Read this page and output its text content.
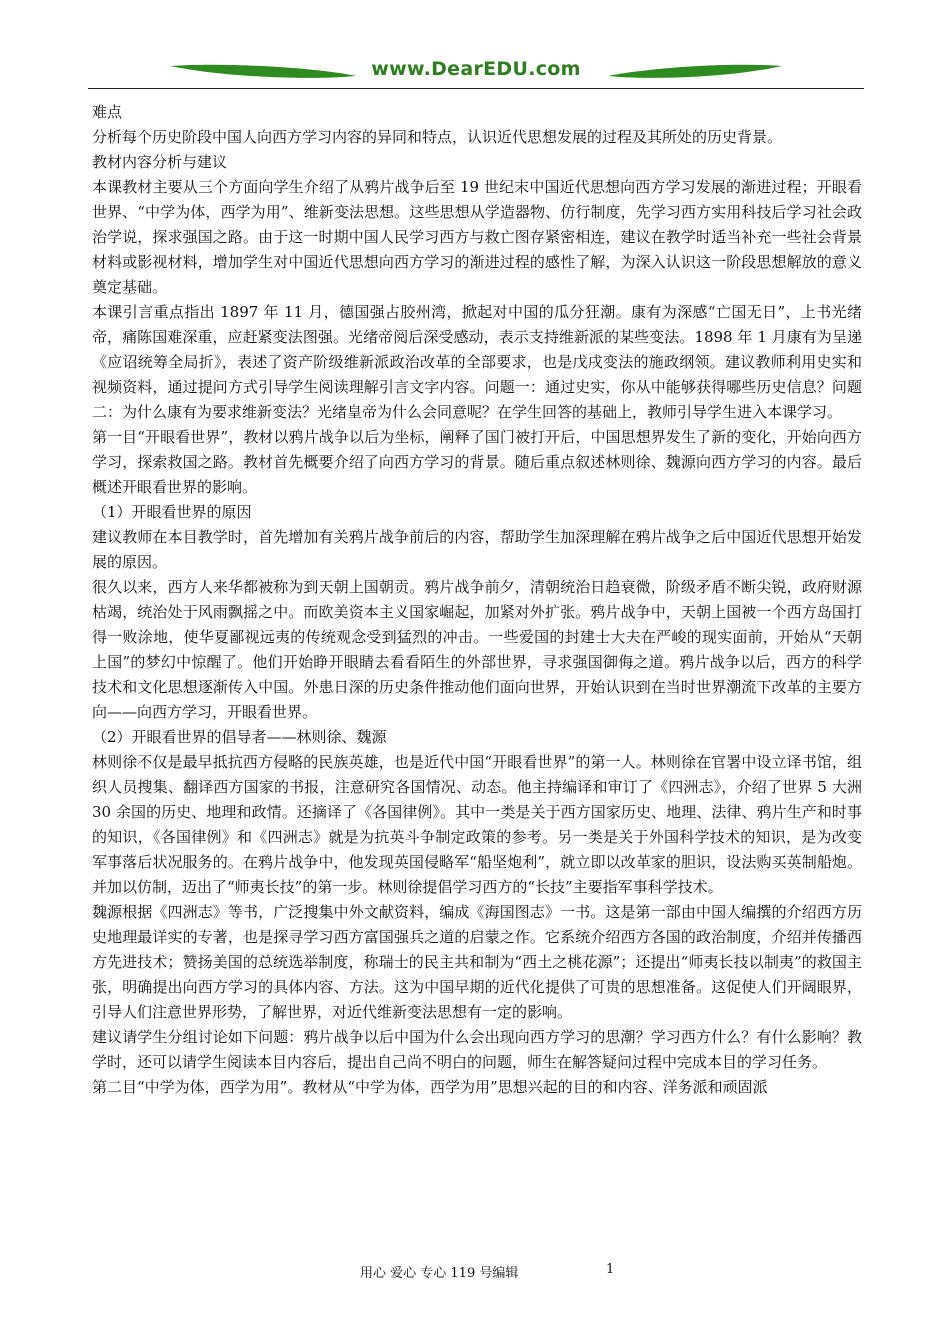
www.DearEDU.com

难点

分析每个历史阶段中国人向西方学习内容的异同和特点，认识近代思想发展的过程及其所处的历史背景。

教材内容分析与建议

本课教材主要从三个方面向学生介绍了从鸦片战争后至 19 世纪末中国近代思想向西方学习发展的渐进过程；开眼看世界、“中学为体，西学为用”、维新变法思想。这些思想从学造器物、仿行制度，先学习西方实用科技后学习社会政治学说，探求强国之路。由于这一时期中国人民学习西方与救亡图存紧密相连，建议在教学时适当补充一些社会背景材料或影视材料，增加学生对中国近代思想向西方学习的渐进过程的感性了解，为深入认识这一阶段思想解放的意义奠定基础。

本课引言重点指出 1897 年 11 月，德国强占胶州湾，掀起对中国的瓜分狂潮。康有为深感“亡国无日”，上书光绪帝，痛陈国难深重，应赶紧变法图强。光绪帝阅后深受感动，表示支持维新派的某些变法。1898 年 1 月康有为呈递《应诏统筹全局折》，表述了资产阶级维新派政治改革的全部要求，也是戊戌变法的施政纲领。建议教师利用史实和视频资料，通过提问方式引导学生阅读理解引言文字内容。问题一：通过史实，你从中能够获得哪些历史信息？问题二：为什么康有为要求维新变法？光绪皇帝为什么会同意呢？在学生回答的基础上，教师引导学生进入本课学习。

第一目“开眼看世界”，教材以鸦片战争以后为坐标，阐释了国门被打开后，中国思想界发生了新的变化，开始向西方学习，探索救国之路。教材首先概要介绍了向西方学习的背景。随后重点叙述林则徐、魏源向西方学习的内容。最后概述开眼看世界的影响。

（1）开眼看世界的原因

建议教师在本目教学时，首先增加有关鸦片战争前后的内容，帮助学生加深理解在鸦片战争之后中国近代思想开始发展的原因。

很久以来，西方人来华都被称为到天朝上国朝贡。鸦片战争前夕，清朝统治日趋衰微，阶级矛盾不断尖锐，政府财源枯竭，统治处于风雨飘摇之中。而欧美资本主义国家崛起，加紧对外扩张。鸦片战争中，天朝上国被一个西方岛国打得一败涂地，使华夏鄙视远夷的传统观念受到猛烈的冲击。一些爱国的封建士大夫在严峻的现实面前，开始从“天朝上国”的梦幻中惊醒了。他们开始睁开眼睛去看看陌生的外部世界，寻求强国御侮之道。鸦片战争以后，西方的科学技术和文化思想逐渐传入中国。外患日深的历史条件推动他们面向世界，开始认识到在当时世界潮流下改革的主要方向——向西方学习，开眼看世界。

（2）开眼看世界的倡导者——林则徐、魏源

林则徐不仅是最早抵抗西方侵略的民族英雄，也是近代中国“开眼看世界”的第一人。林则徐在官署中设立译书馆，组织人员搜集、翻译西方国家的书报，注意研究各国情况、动态。他主持编译和审订了《四洲志》，介绍了世界 5 大洲 30 余国的历史、地理和政情。还摘译了《各国律例》。其中一类是关于西方国家历史、地理、法律、鸦片生产和时事的知识，《各国律例》和《四洲志》就是为抗英斗争制定政策的参考。另一类是关于外国科学技术的知识，是为改变军事落后状况服务的。在鸦片战争中，他发现英国侵略军“船坚炮利”，就立即以改革家的胆识，设法购买英制船炮。并加以仿制，迈出了“师夷长技”的第一步。林则徐提倡学习西方的“长技”主要指军事科学技术。

魏源根据《四洲志》等书，广泛搜集中外文献资料，编成《海国图志》一书。这是第一部由中国人编撰的介绍西方历史地理最详实的专著，也是探寻学习西方富国强兵之道的启蒙之作。它系统介绍西方各国的政治制度，介绍并传播西方先进技术；赞扬美国的总统选举制度，称瑞士的民主共和制为“西土之桃花源”；还提出“师夷长技以制夷”的救国主张，明确提出向西方学习的具体内容、方法。这为中国早期的近代化提供了可贵的思想准备。这促使人们开阔眼界，引导人们注意世界形势，了解世界，对近代维新变法思想有一定的影响。

建议请学生分组讨论如下问题：鸦片战争以后中国为什么会出现向西方学习的思潮？学习西方什么？有什么影响？教学时，还可以请学生阅读本目内容后，提出自己尚不明白的问题，师生在解答疑问过程中完成本目的学习任务。

第二目“中学为体，西学为用”。教材从“中学为体，西学为用”思想兴起的目的和内容、洋务派和顽固派

用心 爱心 专心 119 号编辑	1
